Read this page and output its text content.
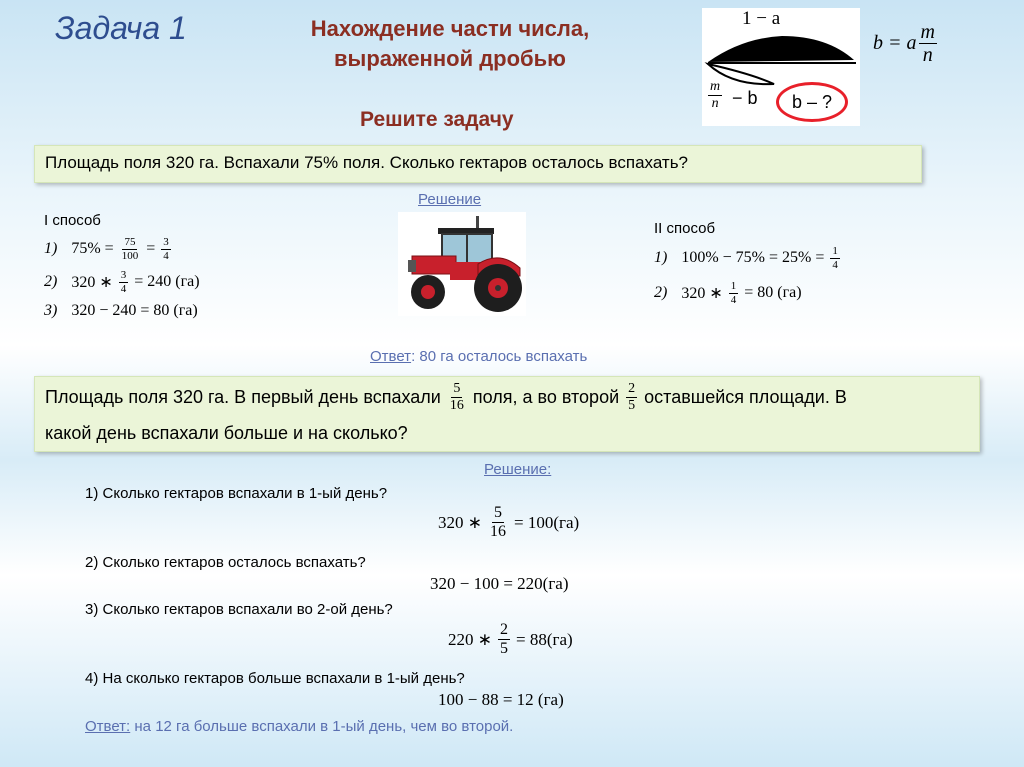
Задача 1	Нахождение части числа,
выраженной дробью
Решите задачу
1 − a
$\frac{m}{n} - b$	b – ?
b = a $\frac{m}{n}$
Площадь поля 320 га. Вспахали 75% поля. Сколько гектаров осталось вспахать?
Решение
I способ
1) $75\% = \frac{75}{100} = \frac{3}{4}$
2) 320 ∗ $\frac{3}{4} = 240$ (га)
3) 320 − 240 = 80 (га)
II способ
1) $100\% - 75\% = 25\% = \frac{1}{4}$
2) 320 ∗ $\frac{1}{4} = 80$ (га)
Ответ: 80 га осталось вспахать
Площадь поля 320 га. В первый день вспахали $\frac{5}{16}$ поля, а во второй $\frac{2}{5}$ оставшейся площади. В
какой день вспахали больше и на сколько?
Решение:
1) Сколько гектаров вспахали в 1-ый день?
320 ∗ $\frac{5}{16} = 100(га)$
2) Сколько гектаров осталось вспахать?
320 − 100 = 220(га)
3) Сколько гектаров вспахали во 2-ой день?
220 ∗ $\frac{2}{5} = 88(га)$
4) На сколько гектаров больше вспахали в 1-ый день?
100 − 88 = 12 (га)
Ответ: на 12 га больше вспахали в 1-ый день, чем во второй.
